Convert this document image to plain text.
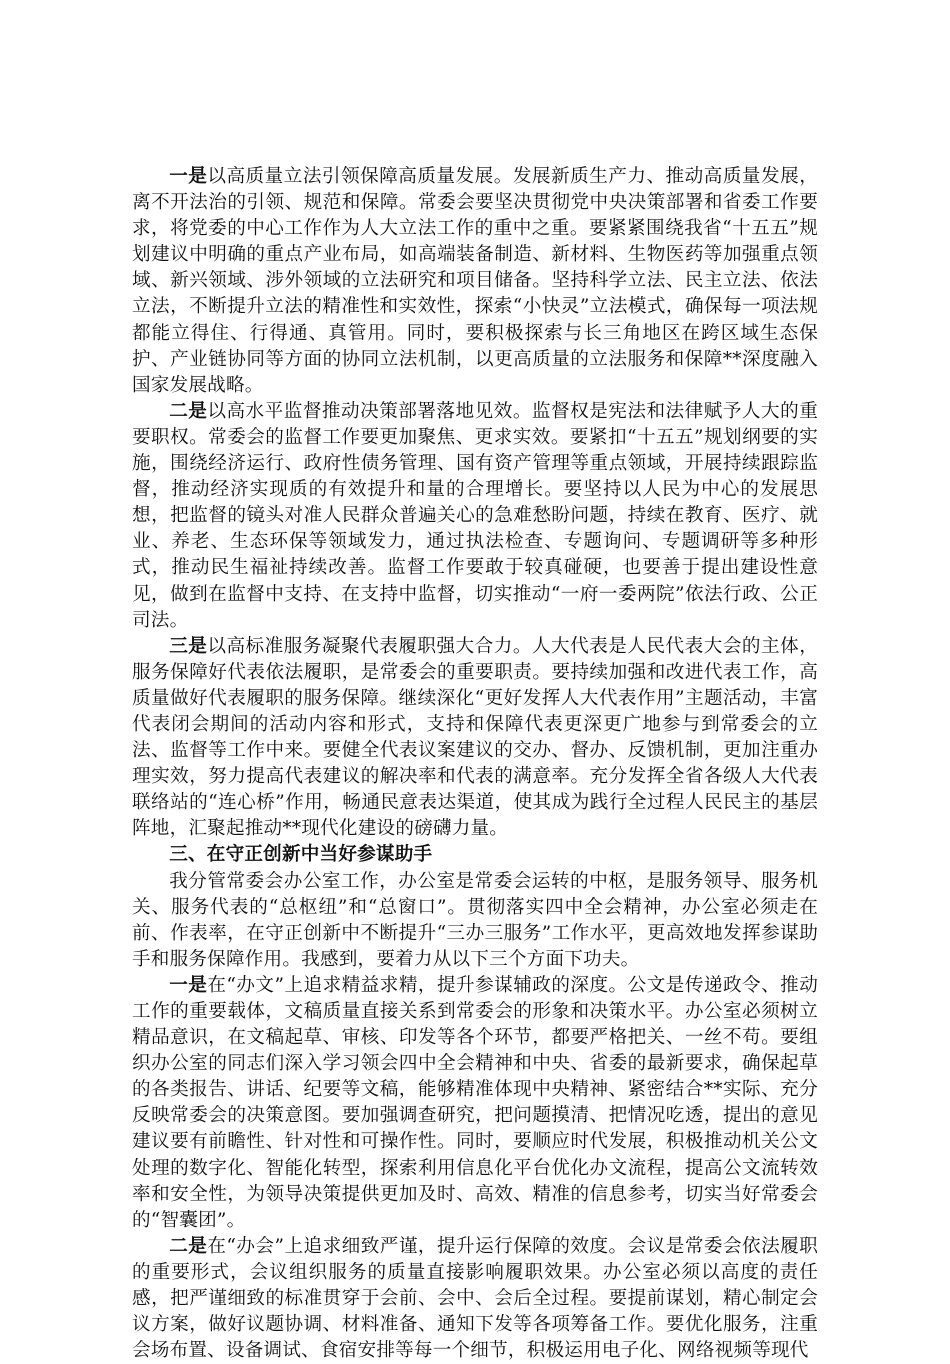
一是以高质量立法引领保障高质量发展。发展新质生产力、推动高质量发展，离不开法治的引领、规范和保障。常委会要坚决贯彻党中央决策部署和省委工作要求，将党委的中心工作作为人大立法工作的重中之重。要紧紧围绕我省“十五五”规划建议中明确的重点产业布局，如高端装备制造、新材料、生物医药等加强重点领域、新兴领域、涉外领域的立法研究和项目储备。坚持科学立法、民主立法、依法立法，不断提升立法的精准性和实效性，探索“小快灵”立法模式，确保每一项法规都能立得住、行得通、真管用。同时，要积极探索与长三角地区在跨区域生态保护、产业链协同等方面的协同立法机制，以更高质量的立法服务和保障**深度融入国家发展战略。

二是以高水平监督推动决策部署落地见效。监督权是宪法和法律赋予人大的重要职权。常委会的监督工作要更加聚焦、更求实效。要紧扣“十五五”规划纲要的实施，围绕经济运行、政府性债务管理、国有资产管理等重点领域，开展持续跟踪监督，推动经济实现质的有效提升和量的合理增长。要坚持以人民为中心的发展思想，把监督的镜头对准人民群众普遍关心的急难愁盼问题，持续在教育、医疗、就业、养老、生态环保等领域发力，通过执法检查、专题询问、专题调研等多种形式，推动民生福祉持续改善。监督工作要敢于较真碰硬，也要善于提出建设性意见，做到在监督中支持、在支持中监督，切实推动“一府一委两院”依法行政、公正司法。

三是以高标准服务凝聚代表履职强大合力。人大代表是人民代表大会的主体，服务保障好代表依法履职，是常委会的重要职责。要持续加强和改进代表工作，高质量做好代表履职的服务保障。继续深化“更好发挥人大代表作用”主题活动，丰富代表闭会期间的活动内容和形式，支持和保障代表更深更广地参与到常委会的立法、监督等工作中来。要健全代表议案建议的交办、督办、反馈机制，更加注重办理实效，努力提高代表建议的解决率和代表的满意率。充分发挥全省各级人大代表联络站的“连心桥”作用，畅通民意表达渠道，使其成为践行全过程人民民主的基层阵地，汇聚起推动**现代化建设的磅礴力量。

三、在守正创新中当好参谋助手

我分管常委会办公室工作，办公室是常委会运转的中枢，是服务领导、服务机关、服务代表的“总枢纽”和“总窗口”。贯彻落实四中全会精神，办公室必须走在前、作表率，在守正创新中不断提升“三办三服务”工作水平，更高效地发挥参谋助手和服务保障作用。我感到，要着力从以下三个方面下功夫。

一是在“办文”上追求精益求精，提升参谋辅政的深度。公文是传递政令、推动工作的重要载体，文稿质量直接关系到常委会的形象和决策水平。办公室必须树立精品意识，在文稿起草、审核、印发等各个环节，都要严格把关、一丝不苟。要组织办公室的同志们深入学习领会四中全会精神和中央、省委的最新要求，确保起草的各类报告、讲话、纪要等文稿，能够精准体现中央精神、紧密结合**实际、充分反映常委会的决策意图。要加强调查研究，把问题摸清、把情况吃透，提出的意见建议要有前瞻性、针对性和可操作性。同时，要顺应时代发展，积极推动机关公文处理的数字化、智能化转型，探索利用信息化平台优化办文流程，提高公文流转效率和安全性，为领导决策提供更加及时、高效、精准的信息参考，切实当好常委会的“智囊团”。

二是在“办会”上追求细致严谨，提升运行保障的效度。会议是常委会依法履职的重要形式，会议组织服务的质量直接影响履职效果。办公室必须以高度的责任感，把严谨细致的标准贯穿于会前、会中、会后全过程。要提前谋划，精心制定会议方案，做好议题协调、材料准备、通知下发等各项筹备工作。要优化服务，注重会场布置、设备调试、食宿安排等每一个细节，积极运用电子化、网络视频等现代
